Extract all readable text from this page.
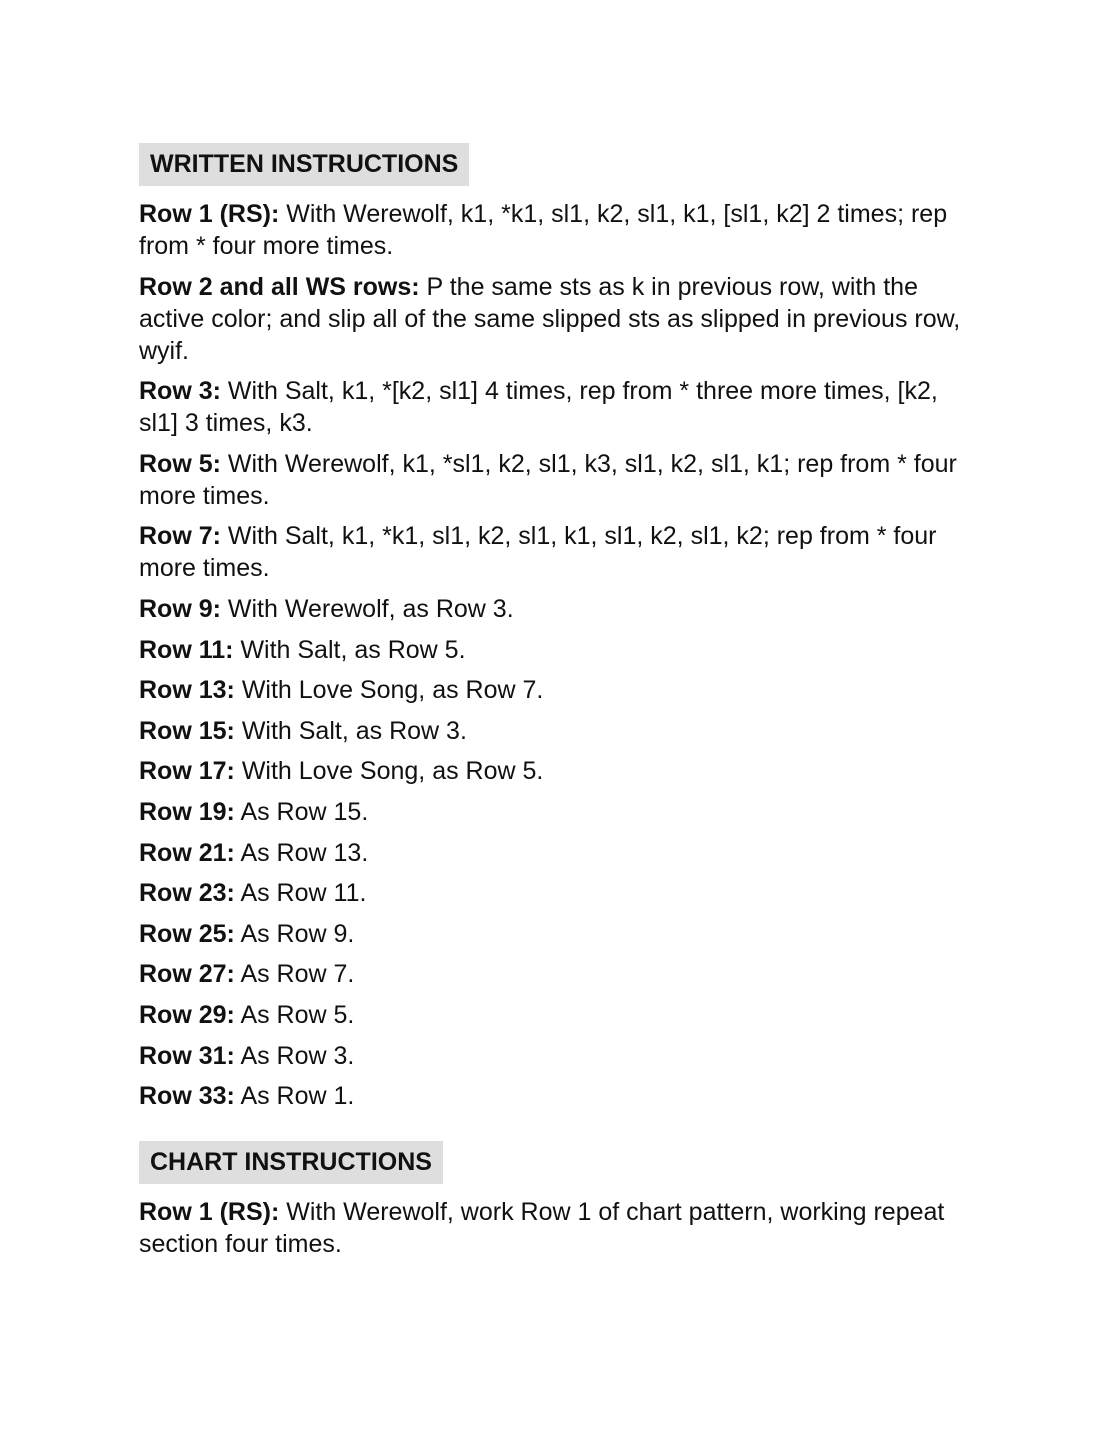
WRITTEN INSTRUCTIONS
Row 1 (RS): With Werewolf, k1, *k1, sl1, k2, sl1, k1, [sl1, k2] 2 times; rep from * four more times.
Row 2 and all WS rows: P the same sts as k in previous row, with the active color; and slip all of the same slipped sts as slipped in previous row, wyif.
Row 3: With Salt, k1, *[k2, sl1] 4 times, rep from * three more times, [k2, sl1] 3 times, k3.
Row 5: With Werewolf, k1, *sl1, k2, sl1, k3, sl1, k2, sl1, k1; rep from * four more times.
Row 7: With Salt, k1, *k1, sl1, k2, sl1, k1, sl1, k2, sl1, k2; rep from * four more times.
Row 9: With Werewolf, as Row 3.
Row 11: With Salt, as Row 5.
Row 13: With Love Song, as Row 7.
Row 15: With Salt, as Row 3.
Row 17: With Love Song, as Row 5.
Row 19: As Row 15.
Row 21: As Row 13.
Row 23: As Row 11.
Row 25: As Row 9.
Row 27: As Row 7.
Row 29: As Row 5.
Row 31: As Row 3.
Row 33: As Row 1.
CHART INSTRUCTIONS
Row 1 (RS): With Werewolf, work Row 1 of chart pattern, working repeat section four times.
